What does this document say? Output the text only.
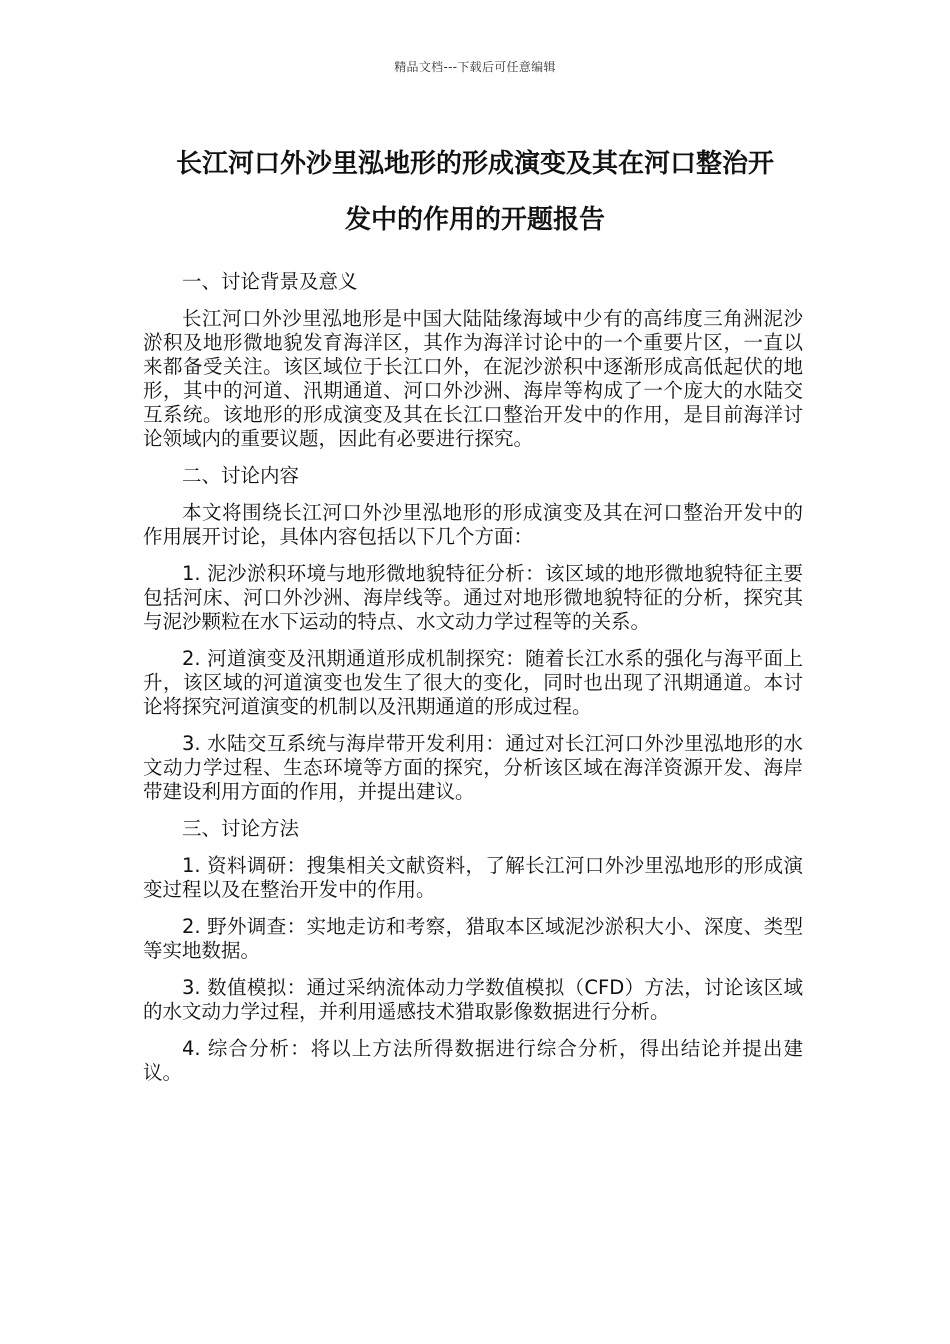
精品文档---下载后可任意编辑
长江河口外沙里泓地形的形成演变及其在河口整治开
发中的作用的开题报告

一、讨论背景及意义

长江河口外沙里泓地形是中国大陆陆缘海域中少有的高纬度三角洲泥沙淤积及地形微地貌发育海洋区，其作为海洋讨论中的一个重要片区，一直以来都备受关注。该区域位于长江口外，在泥沙淤积中逐渐形成高低起伏的地形，其中的河道、汛期通道、河口外沙洲、海岸等构成了一个庞大的水陆交互系统。该地形的形成演变及其在长江口整治开发中的作用，是目前海洋讨论领域内的重要议题，因此有必要进行探究。

二、讨论内容

本文将围绕长江河口外沙里泓地形的形成演变及其在河口整治开发中的作用展开讨论，具体内容包括以下几个方面：

1. 泥沙淤积环境与地形微地貌特征分析：该区域的地形微地貌特征主要包括河床、河口外沙洲、海岸线等。通过对地形微地貌特征的分析，探究其与泥沙颗粒在水下运动的特点、水文动力学过程等的关系。

2. 河道演变及汛期通道形成机制探究：随着长江水系的强化与海平面上升，该区域的河道演变也发生了很大的变化，同时也出现了汛期通道。本讨论将探究河道演变的机制以及汛期通道的形成过程。

3. 水陆交互系统与海岸带开发利用：通过对长江河口外沙里泓地形的水文动力学过程、生态环境等方面的探究，分析该区域在海洋资源开发、海岸带建设利用方面的作用，并提出建议。

三、讨论方法

1. 资料调研：搜集相关文献资料，了解长江河口外沙里泓地形的形成演变过程以及在整治开发中的作用。

2. 野外调查：实地走访和考察，猎取本区域泥沙淤积大小、深度、类型等实地数据。

3. 数值模拟：通过采纳流体动力学数值模拟（CFD）方法，讨论该区域的水文动力学过程，并利用遥感技术猎取影像数据进行分析。

4. 综合分析：将以上方法所得数据进行综合分析，得出结论并提出建议。
